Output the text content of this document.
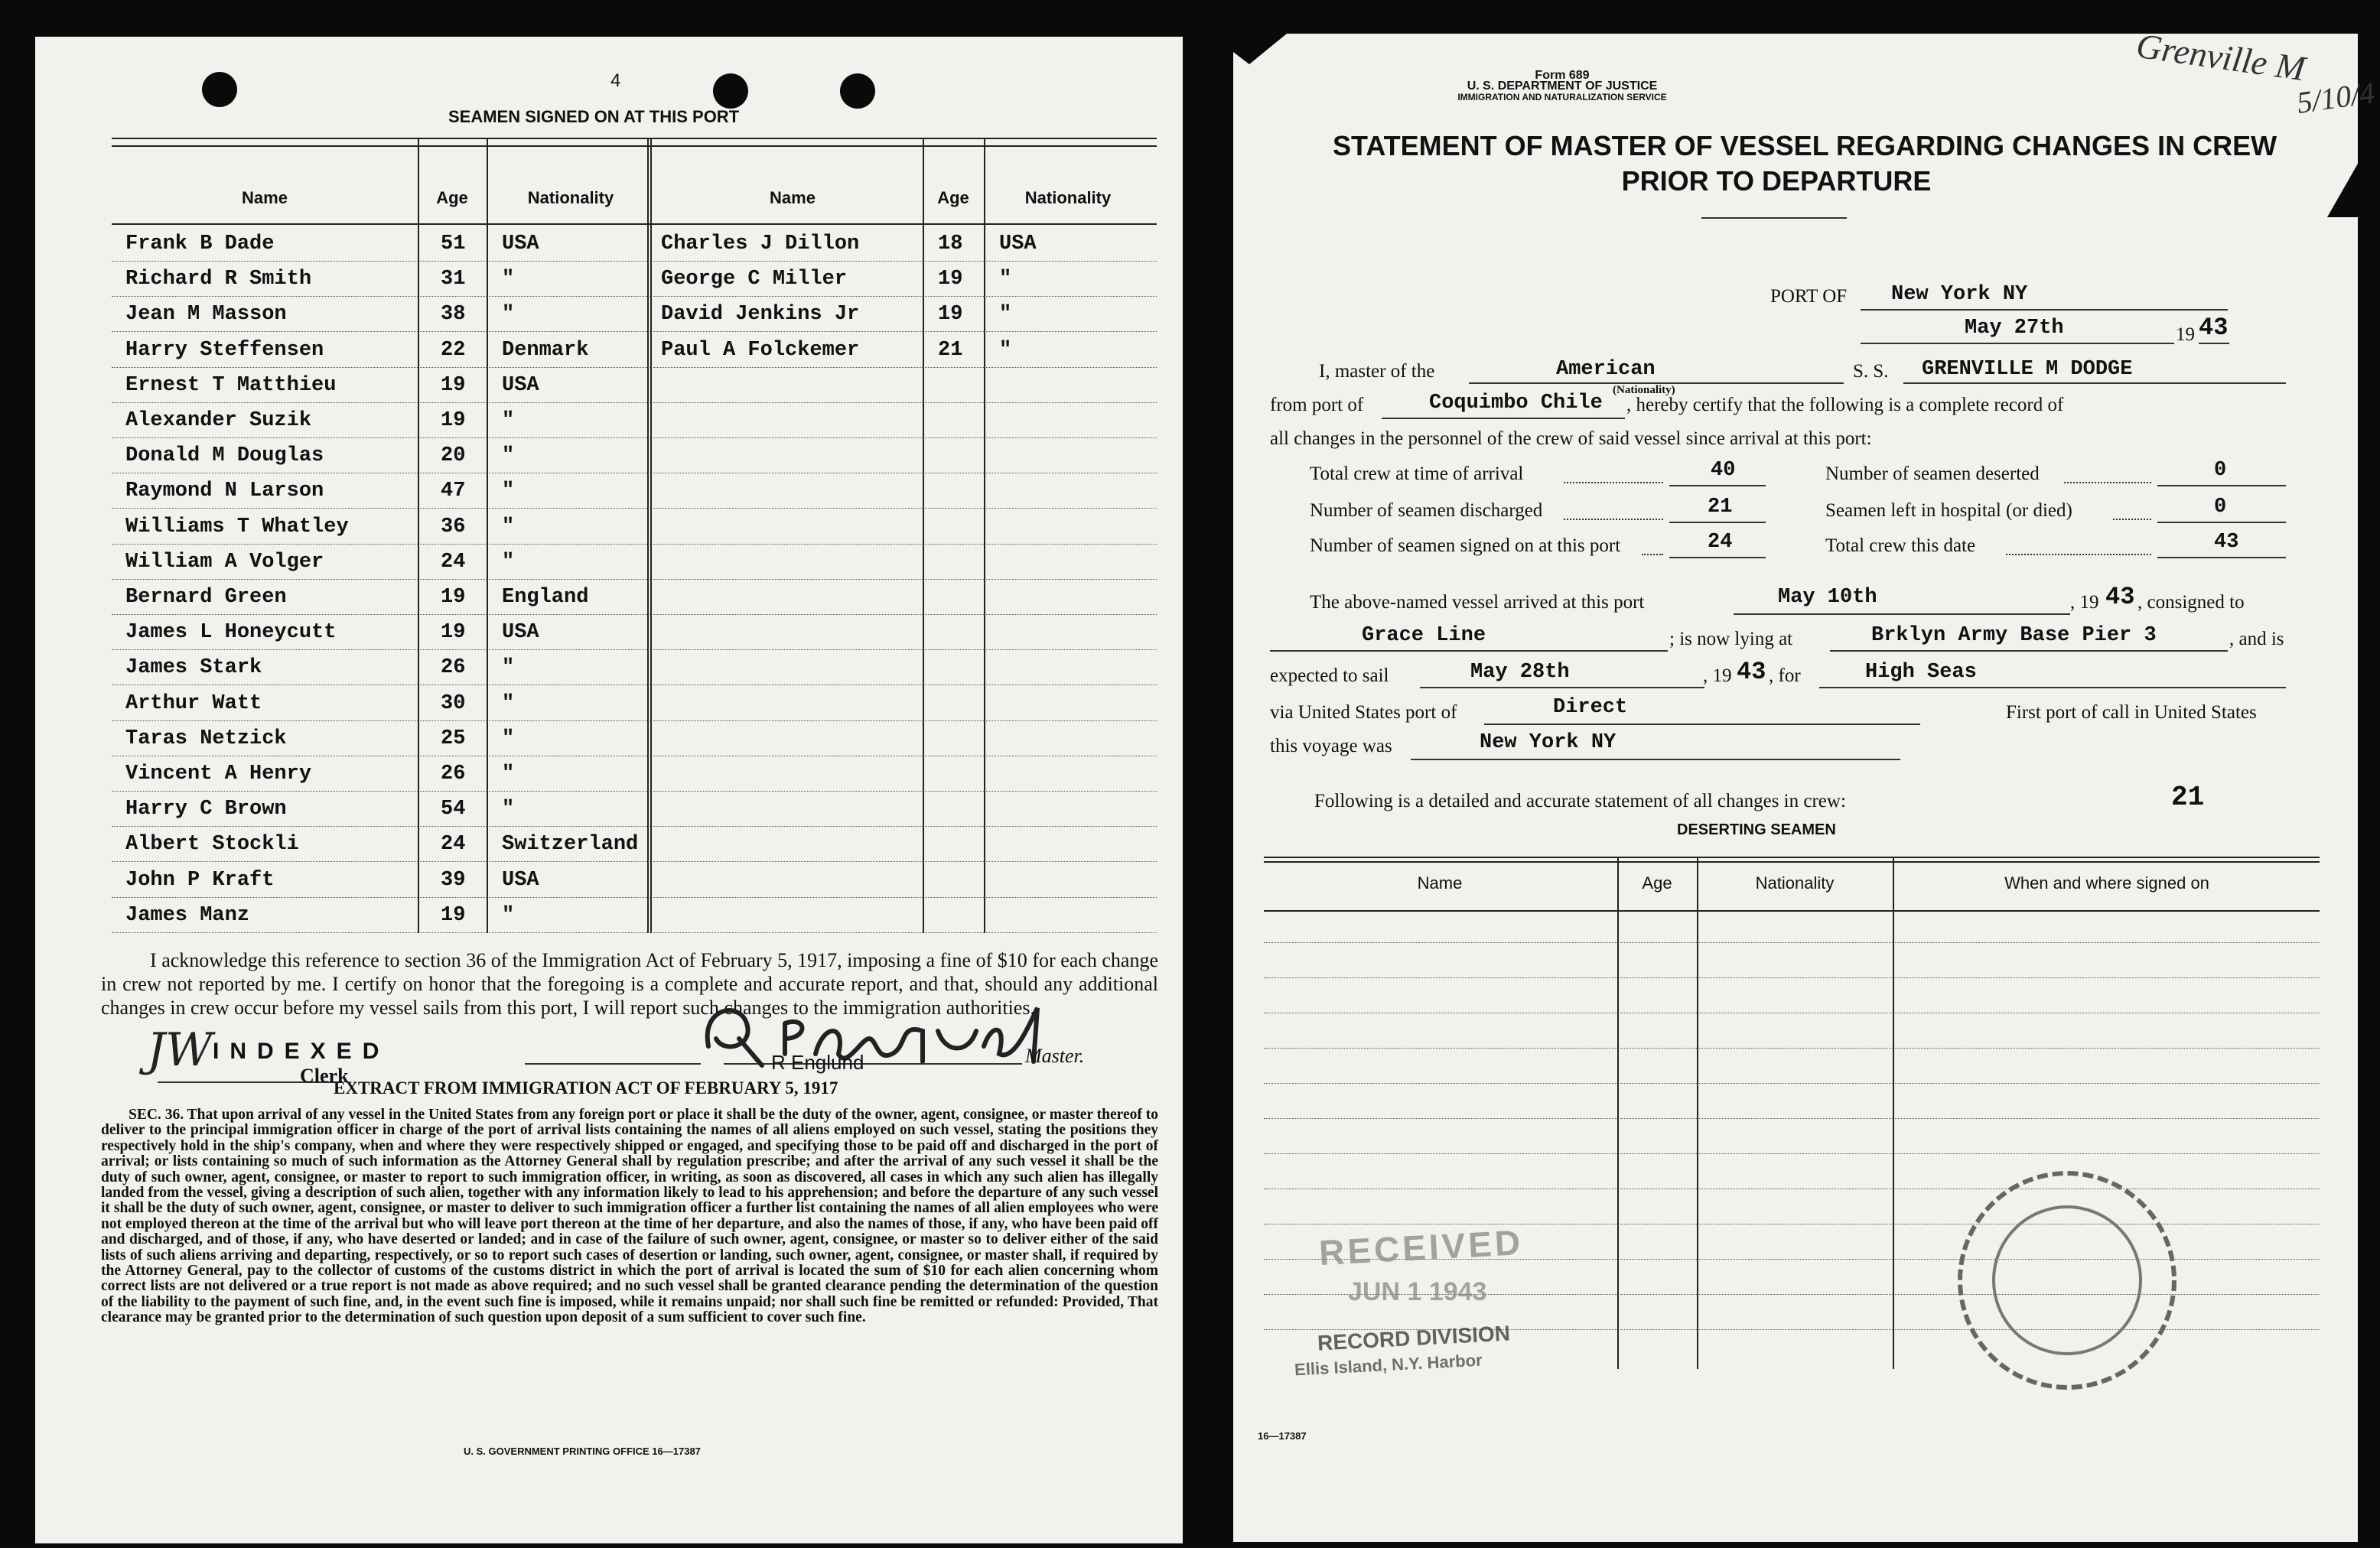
4
SEAMEN SIGNED ON AT THIS PORT
Name	Age	Nationality	Name	Age	Nationality
Frank B Dade	51 USA	Charles J Dillon	18 USA
Richard R Smith	31 "	George C Miller	19 "
Jean M Masson	38 "	David Jenkins Jr	19 "
Harry Steffensen	22 Denmark	Paul A Folckemer	21 "
Ernest T Matthieu	19 USA
Alexander Suzik	19 "
Donald M Douglas	20 "
Raymond N Larson	47 "
Williams T Whatley	36 "
William A Volger	24 "
Bernard Green	19 England
James L Honeycutt	19 USA
James Stark	26 "
Arthur Watt	30 "
Taras Netzick	25 "
Vincent A Henry	26 "
Harry C Brown	54 "
Albert Stockli	24 Switzerland
John P Kraft	39 USA
James Manz	19 "
I acknowledge this reference to section 36 of the Immigration Act of February 5, 1917, imposing a fine of $10 for each change in crew not reported by me. I certify on honor that the foregoing is a complete and accurate report, and that, should any additional changes in crew occur before my vessel sails from this port, I will report such changes to the immigration authorities.
JW INDEXED
Clerk
R Englund	Master.
EXTRACT FROM IMMIGRATION ACT OF FEBRUARY 5, 1917
SEC. 36. That upon arrival of any vessel in the United States from any foreign port or place it shall be the duty of the owner, agent, consignee, or master thereof to deliver to the principal immigration officer in charge of the port of arrival lists containing the names of all aliens employed on such vessel, stating the positions they respectively hold in the ship's company, when and where they were respectively shipped or engaged, and specifying those to be paid off and discharged in the port of arrival; or lists containing so much of such information as the Attorney General shall by regulation prescribe; and after the arrival of any such vessel it shall be the duty of such owner, agent, consignee, or master to report to such immigration officer, in writing, as soon as discovered, all cases in which any such alien has illegally landed from the vessel, giving a description of such alien, together with any information likely to lead to his apprehension; and before the departure of any such vessel it shall be the duty of such owner, agent, consignee, or master to deliver to such immigration officer a further list containing the names of all alien employees who were not employed thereon at the time of the arrival but who will leave port thereon at the time of her departure, and also the names of those, if any, who have been paid off and discharged, and of those, if any, who have deserted or landed; and in case of the failure of such owner, agent, consignee, or master so to deliver either of the said lists of such aliens arriving and departing, respectively, or so to report such cases of desertion or landing, such owner, agent, consignee, or master shall, if required by the Attorney General, pay to the collector of customs of the customs district in which the port of arrival is located the sum of $10 for each alien concerning whom correct lists are not delivered or a true report is not made as above required; and no such vessel shall be granted clearance pending the determination of the question of the liability to the payment of such fine, and, in the event such fine is imposed, while it remains unpaid; nor shall such fine be remitted or refunded: Provided, That clearance may be granted prior to the determination of such question upon deposit of a sum sufficient to cover such fine.
U. S. GOVERNMENT PRINTING OFFICE 16—17387
Grenville M
5/10/4
Form 689
U. S. DEPARTMENT OF JUSTICE
IMMIGRATION AND NATURALIZATION SERVICE
STATEMENT OF MASTER OF VESSEL REGARDING CHANGES IN CREW
PRIOR TO DEPARTURE
PORT OF New York NY
May 27th	19 43
I, master of the	American
(Nationality)
S. S. GRENVILLE M DODGE
from port of	Coquimbo Chile , hereby certify that the following is a complete record of
all changes in the personnel of the crew of said vessel since arrival at this port:
Total crew at time of arrival	40	Number of seamen deserted	0
Number of seamen discharged	21	Seamen left in hospital (or died)	0
Number of seamen signed on at this port	24	Total crew this date	43
The above-named vessel arrived at this port	May 10th	, 19 43 , consigned to
Grace Line	; is now lying at	Brklyn Army Base Pier 3	, and is
expected to sail	May 28th	, 19 43 , for	High Seas
via United States port of	Direct	First port of call in United States
this voyage was	New York NY
Following is a detailed and accurate statement of all changes in crew:	21
DESERTING SEAMEN
Name	Age	Nationality	When and where signed on
RECEIVED
JUN 1 1943
RECORD DIVISION
Ellis Island, N.Y. Harbor
16—17387
